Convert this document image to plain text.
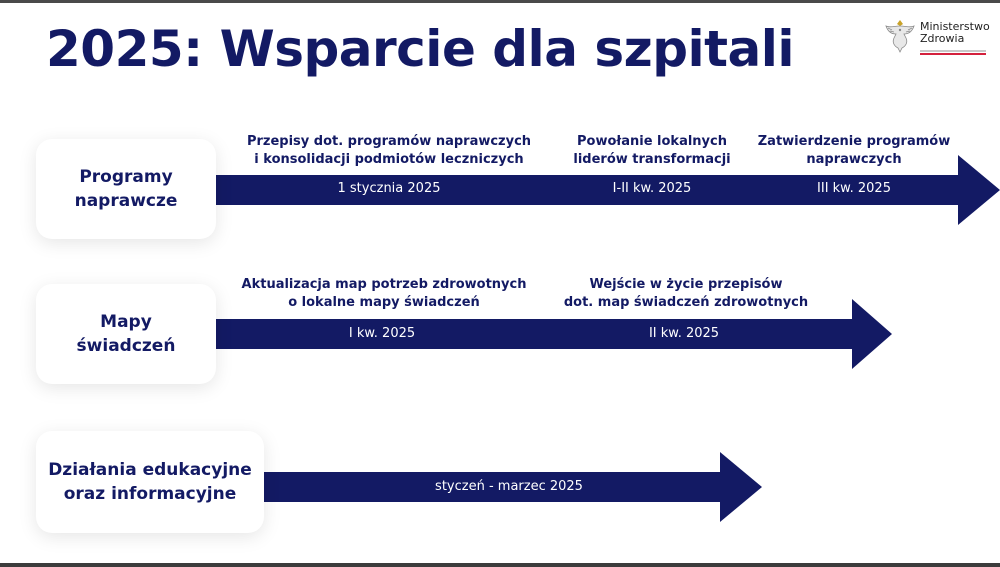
2025: Wsparcie dla szpitali	Ministerstwo
Zdrowia
Programy
naprawcze
Przepisy dot. programów naprawczych
i konsolidacji podmiotów leczniczych
1 stycznia 2025
Powołanie lokalnych
liderów transformacji
I-II kw. 2025
Zatwierdzenie programów
naprawczych
III kw. 2025
Mapy
świadczeń
Aktualizacja map potrzeb zdrowotnych
o lokalne mapy świadczeń
I kw. 2025
Wejście w życie przepisów
dot. map świadczeń zdrowotnych
II kw. 2025
Działania edukacyjne
oraz informacyjne	styczeń - marzec 2025
